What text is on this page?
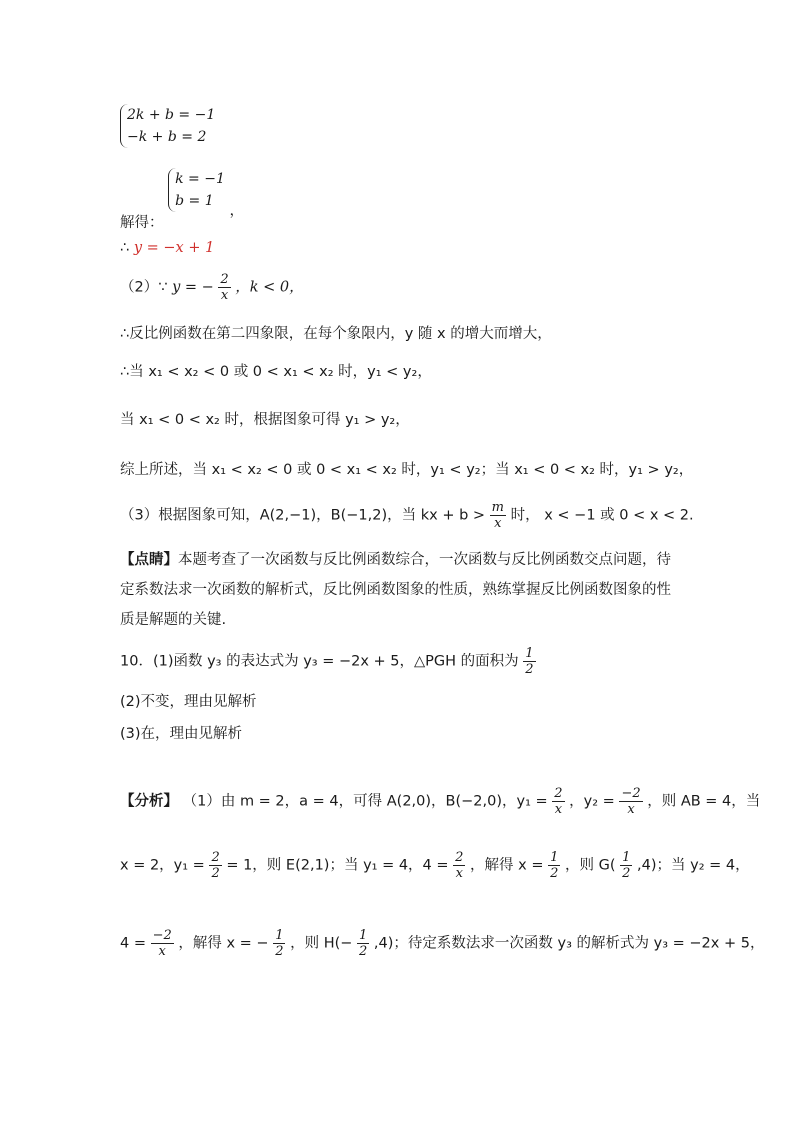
2k + b = −1
−k + b = 2
解得： k = −1
b = 1 ，
∴ y = −x + 1
（2）∵ y = − $\frac{2}{x}$ ，k < 0，
∴反比例函数在第二四象限，在每个象限内，y 随 x 的增大而增大，
∴当 x₁ < x₂ < 0 或 0 < x₁ < x₂ 时，y₁ < y₂，
当 x₁ < 0 < x₂ 时，根据图象可得 y₁ > y₂，
综上所述，当 x₁ < x₂ < 0 或 0 < x₁ < x₂ 时，y₁ < y₂；当 x₁ < 0 < x₂ 时，y₁ > y₂，
（3）根据图象可知，A(2,−1)，B(−1,2)，当 kx + $b > \frac{m}{x}$ 时， x < −1 或 0 < x < 2.
【点睛】本题考查了一次函数与反比例函数综合，一次函数与反比例函数交点问题，待定系数法求一次函数的解析式，反比例函数图象的性质，熟练掌握反比例函数图象的性质是解题的关键.
10．(1)函数 y₃ 的表达式为 y₃ = −2x + 5，△PGH 的面积为 $\frac{1}{2}$
(2)不变，理由见解析
(3)在，理由见解析
【分析】 （1）由 m = 2，a = 4，可得 A(2,0)，B(−2,0)，$y_1 = \frac{2}{x}$ ，$y_2 = \frac{-2}{x}$ ，则 AB = 4，当
x = 2，$y_1 = \frac{2}{2} = 1$，则 E(2,1)；当 y₁ = 4，$4 = \frac{2}{x}$ ，解得 $x = \frac{1}{2}$ ，则 $G( \frac{1}{2} ,4)$；当 y₂ = 4，
$4 = \frac{-2}{x}$ ，解得 x = − $\frac{1}{2}$ ，则 $H(- \frac{1}{2} ,4)$；待定系数法求一次函数 y₃ 的解析式为 y₃ = −2x + 5，
